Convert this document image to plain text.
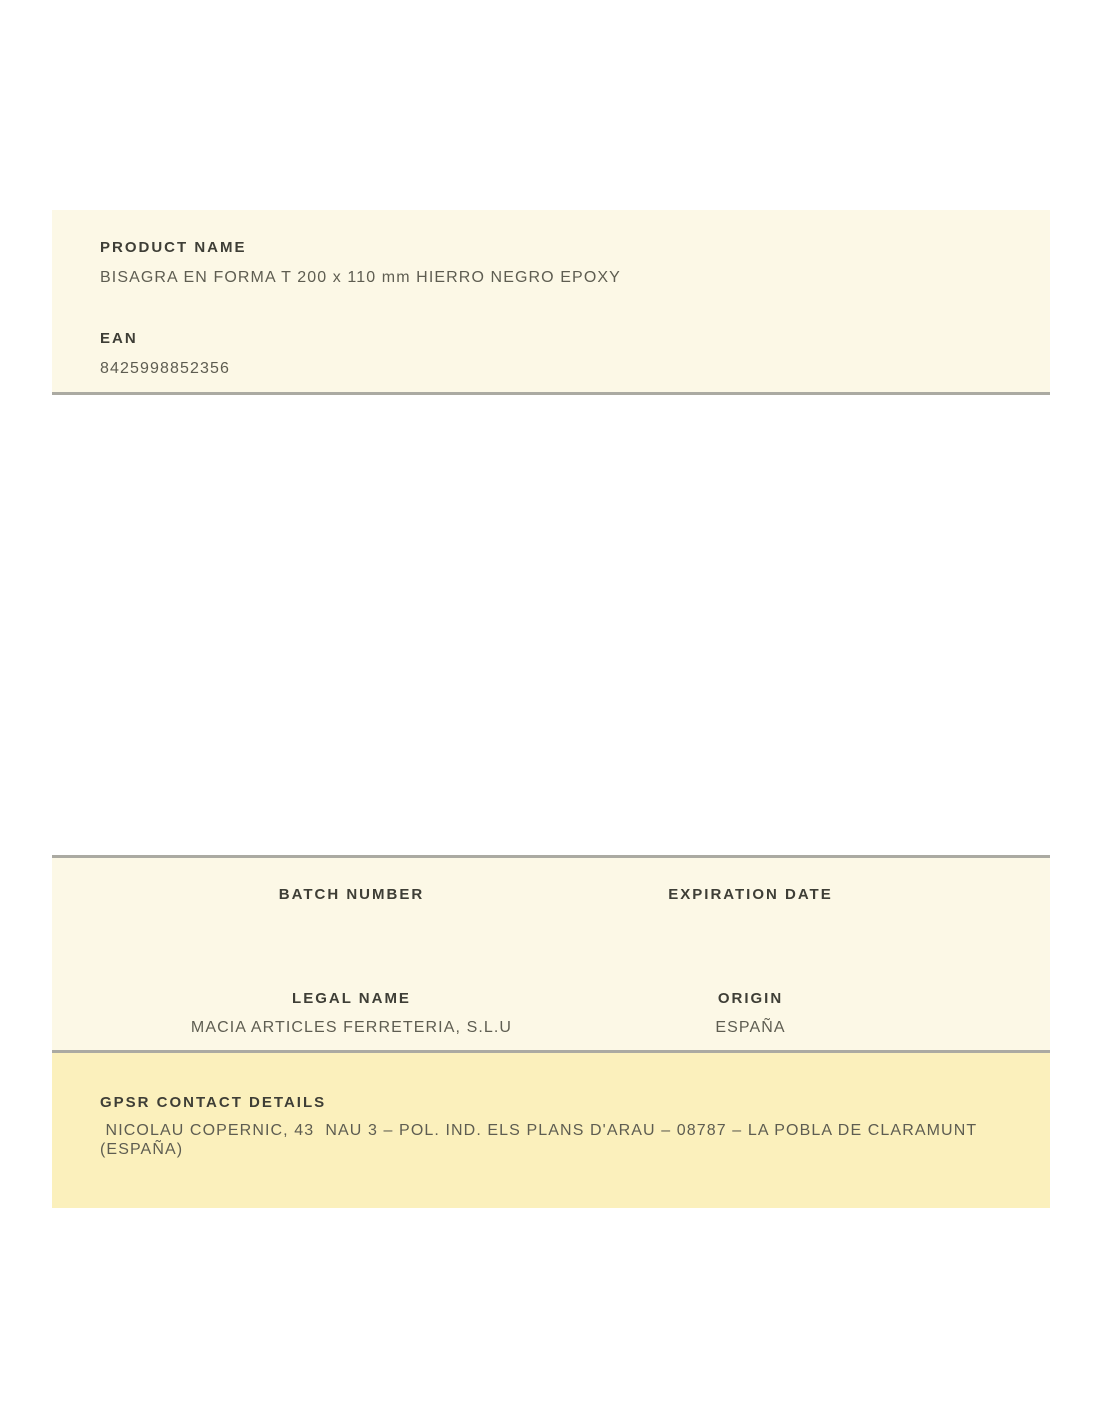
PRODUCT NAME
BISAGRA EN FORMA T 200 x 110 mm HIERRO NEGRO EPOXY
EAN
8425998852356
BATCH NUMBER	EXPIRATION DATE
LEGAL NAME
MACIA ARTICLES FERRETERIA, S.L.U
ORIGIN
ESPAÑA
GPSR CONTACT DETAILS
NICOLAU COPERNIC, 43  NAU 3 – POL. IND. ELS PLANS D'ARAU – 08787 – LA POBLA DE CLARAMUNT (ESPAÑA)
